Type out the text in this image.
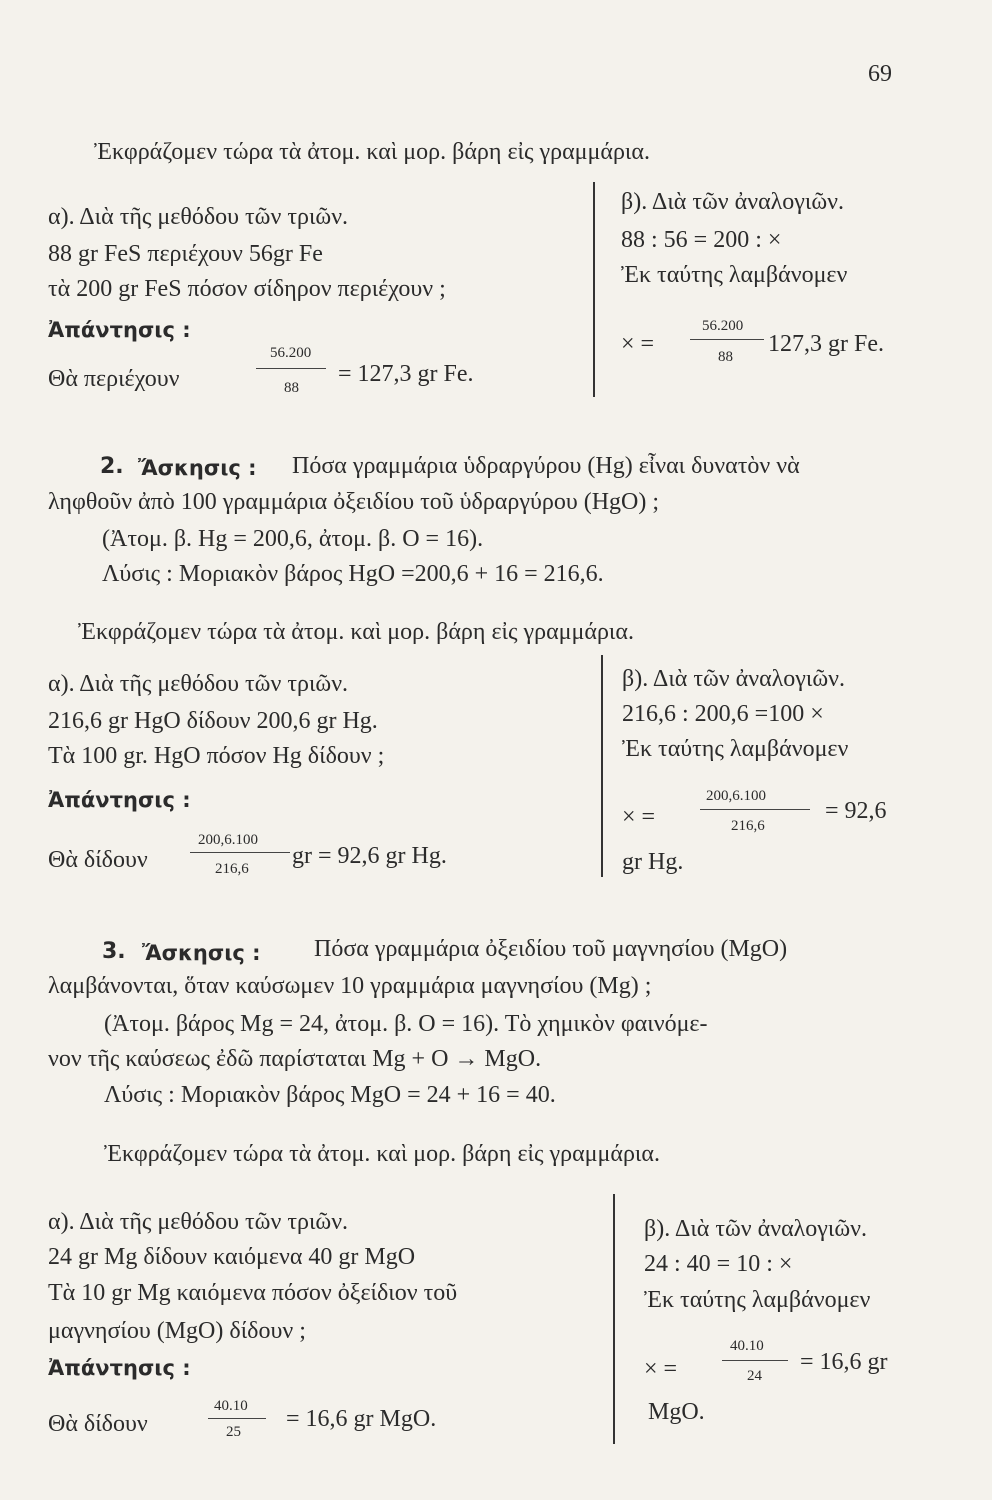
69
Ἐκφράζομεν τώρα τὰ ἀτομ. καὶ μορ. βάρη εἰς γραμμάρια.
α). Διὰ τῆς μεθόδου τῶν τριῶν.
88 gr FeS περιέχουν 56gr Fe
τὰ 200 gr FeS πόσον σίδηρον περιέχουν ;
Ἀπάντησις :
Θὰ περιέχουν
56.200
88
= 127,3 gr Fe.
β). Διὰ τῶν ἀναλογιῶν.
88 : 56 = 200 : ×
Ἐκ ταύτης λαμβάνομεν
× =
56.200
88 127,3 gr Fe.
2. Ἄσκησις : Πόσα γραμμάρια ὑδραργύρου (Hg) εἶναι δυνατὸν νὰ
ληφθοῦν ἀπὸ 100 γραμμάρια ὀξειδίου τοῦ ὑδραργύρου (HgO) ;
(Ἀτομ. β. Hg = 200,6, ἀτομ. β. O = 16).
Λύσις : Μοριακὸν βάρος HgO =200,6 + 16 = 216,6.
Ἐκφράζομεν τώρα τὰ ἀτομ. καὶ μορ. βάρη εἰς γραμμάρια.
α). Διὰ τῆς μεθόδου τῶν τριῶν.
216,6 gr HgO δίδουν 200,6 gr Hg.
Τὰ 100 gr. HgO πόσον Hg δίδουν ;
Ἀπάντησις :
Θὰ δίδουν
200,6.100
216,6 gr = 92,6 gr Hg.
β). Διὰ τῶν ἀναλογιῶν.
216,6 : 200,6 =100 ×
Ἐκ ταύτης λαμβάνομεν
× =
200,6.100
216,6
= 92,6
gr Hg.
3. Ἄσκησις : Πόσα γραμμάρια ὀξειδίου τοῦ μαγνησίου (MgO)
λαμβάνονται, ὅταν καύσωμεν 10 γραμμάρια μαγνησίου (Mg) ;
(Ἀτομ. βάρος Mg = 24, ἀτομ. β. O = 16). Τὸ χημικὸν φαινόμε-
νον τῆς καύσεως ἐδῶ παρίσταται Mg + O → MgO.
Λύσις : Μοριακὸν βάρος MgO = 24 + 16 = 40.
Ἐκφράζομεν τώρα τὰ ἀτομ. καὶ μορ. βάρη εἰς γραμμάρια.
α). Διὰ τῆς μεθόδου τῶν τριῶν.
24 gr Mg δίδουν καιόμενα 40 gr MgO
Τὰ 10 gr Mg καιόμενα πόσον ὀξείδιον τοῦ
μαγνησίου (MgO) δίδουν ;
Ἀπάντησις :
Θὰ δίδουν
40.10
25 = 16,6 gr MgO.
β). Διὰ τῶν ἀναλογιῶν.
24 : 40 = 10 : ×
Ἐκ ταύτης λαμβάνομεν
× =
40.10
24
= 16,6 gr
MgO.
